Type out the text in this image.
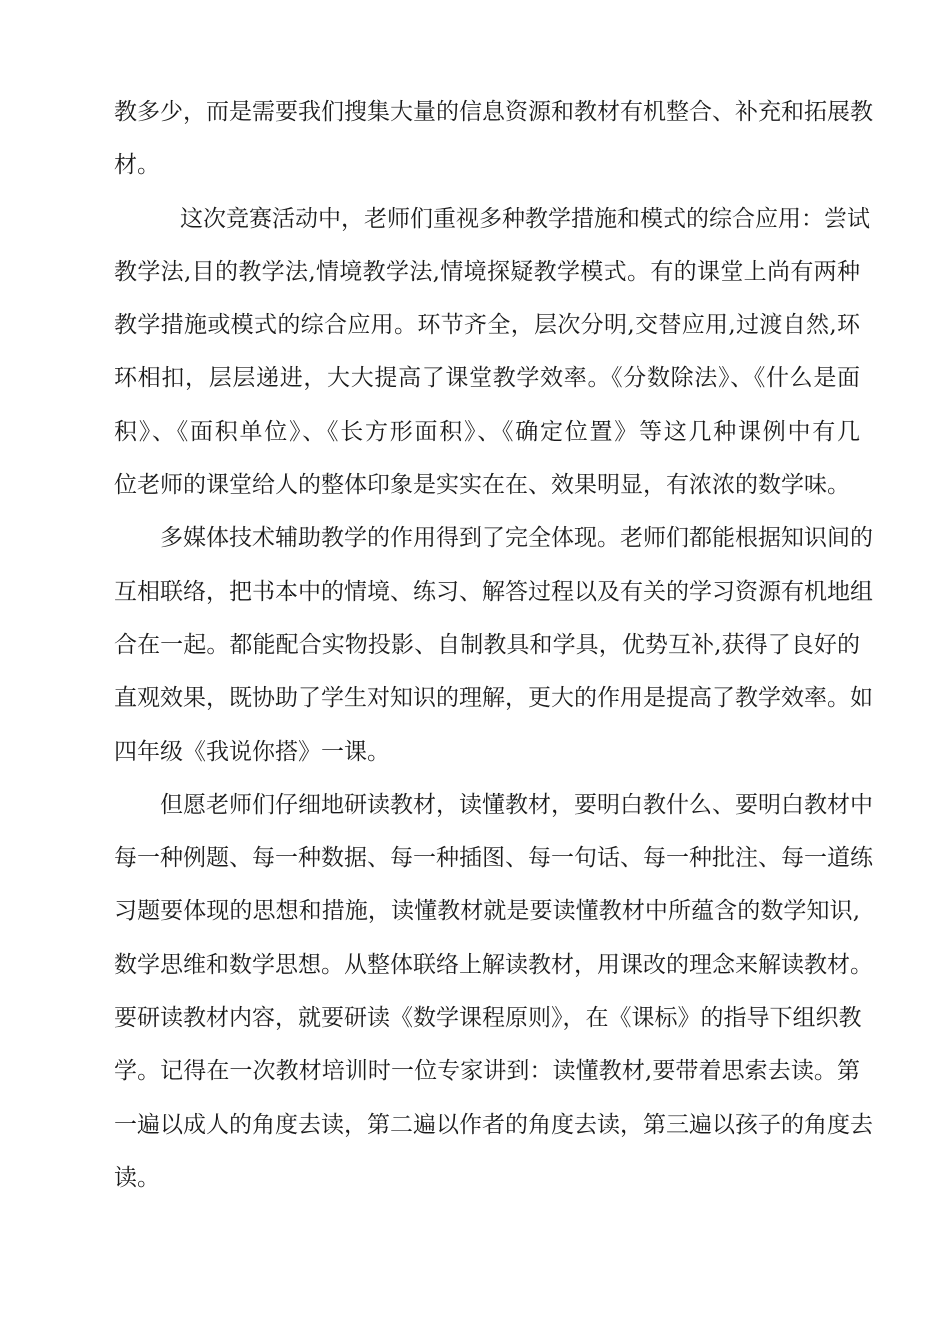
教多少，而是需要我们搜集大量的信息资源和教材有机整合、补充和拓展教
材。
这次竞赛活动中，老师们重视多种教学措施和模式的综合应用：尝试
教学法,目的教学法,情境教学法,情境探疑教学模式。有的课堂上尚有两种
教学措施或模式的综合应用。环节齐全，层次分明,交替应用,过渡自然,环
环相扣，层层递进，大大提高了课堂教学效率。《分数除法》、《什么是面
积》、《面积单位》、《长方形面积》、《确定位置》等这几种课例中有几
位老师的课堂给人的整体印象是实实在在、效果明显，有浓浓的数学味。
多媒体技术辅助教学的作用得到了完全体现。老师们都能根据知识间的
互相联络，把书本中的情境、练习、解答过程以及有关的学习资源有机地组
合在一起。都能配合实物投影、自制教具和学具，优势互补,获得了良好的
直观效果，既协助了学生对知识的理解，更大的作用是提高了教学效率。如
四年级《我说你搭》一课。
但愿老师们仔细地研读教材，读懂教材，要明白教什么、要明白教材中
每一种例题、每一种数据、每一种插图、每一句话、每一种批注、每一道练
习题要体现的思想和措施，读懂教材就是要读懂教材中所蕴含的数学知识,
数学思维和数学思想。从整体联络上解读教材，用课改的理念来解读教材。
要研读教材内容，就要研读《数学课程原则》，在《课标》的指导下组织教
学。记得在一次教材培训时一位专家讲到：读懂教材,要带着思索去读。第
一遍以成人的角度去读，第二遍以作者的角度去读，第三遍以孩子的角度去
读。
